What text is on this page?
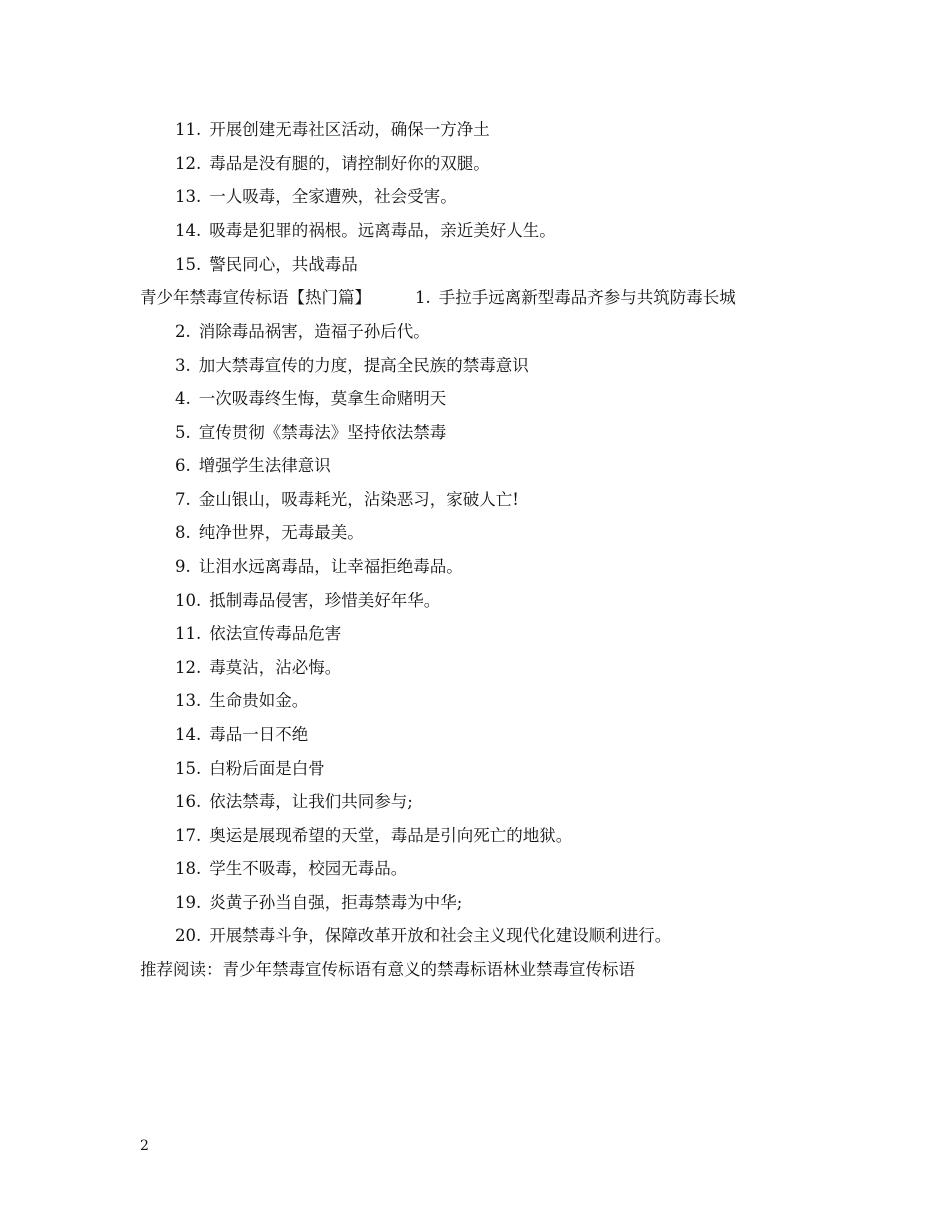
11. 开展创建无毒社区活动，确保一方净土
12. 毒品是没有腿的，请控制好你的双腿。
13. 一人吸毒，全家遭殃，社会受害。
14. 吸毒是犯罪的祸根。远离毒品，亲近美好人生。
15. 警民同心，共战毒品
青少年禁毒宣传标语【热门篇】	1. 手拉手远离新型毒品齐参与共筑防毒长城
2. 消除毒品祸害，造福子孙后代。
3. 加大禁毒宣传的力度，提高全民族的禁毒意识
4. 一次吸毒终生悔，莫拿生命赌明天
5. 宣传贯彻《禁毒法》坚持依法禁毒
6. 增强学生法律意识
7. 金山银山，吸毒耗光，沾染恶习，家破人亡!
8. 纯净世界，无毒最美。
9. 让泪水远离毒品，让幸福拒绝毒品。
10. 抵制毒品侵害，珍惜美好年华。
11. 依法宣传毒品危害
12. 毒莫沾，沾必悔。
13. 生命贵如金。
14. 毒品一日不绝
15. 白粉后面是白骨
16. 依法禁毒，让我们共同参与;
17. 奥运是展现希望的天堂，毒品是引向死亡的地狱。
18. 学生不吸毒，校园无毒品。
19. 炎黄子孙当自强，拒毒禁毒为中华;
20. 开展禁毒斗争，保障改革开放和社会主义现代化建设顺利进行。
推荐阅读：青少年禁毒宣传标语有意义的禁毒标语林业禁毒宣传标语
2
